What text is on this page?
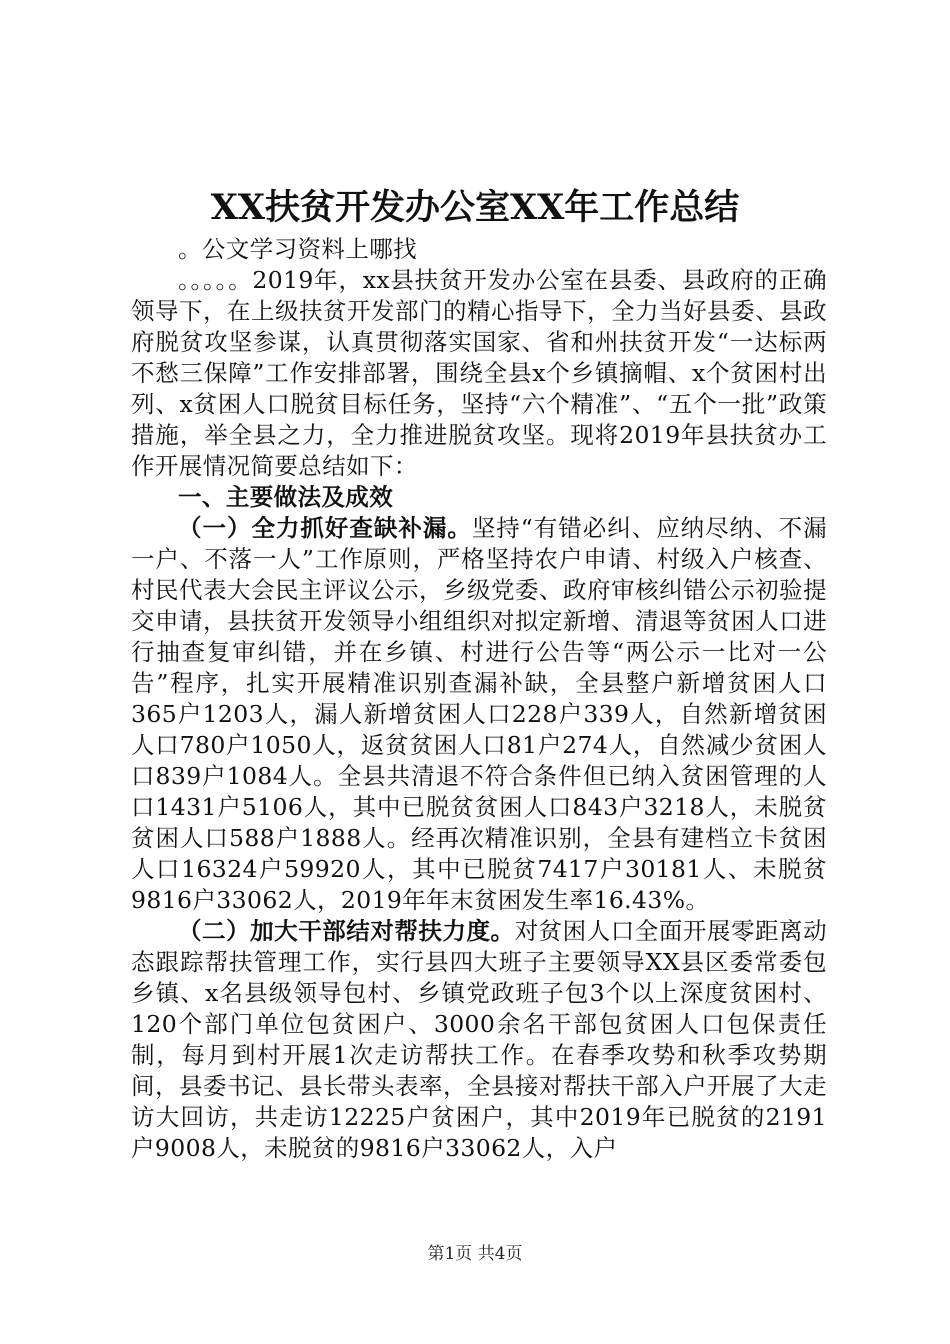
XX扶贫开发办公室XX年工作总结

。公文学习资料上哪找

。。。。。2019年，xx县扶贫开发办公室在县委、县政府的正确领导下，在上级扶贫开发部门的精心指导下，全力当好县委、县政府脱贫攻坚参谋，认真贯彻落实国家、省和州扶贫开发“一达标两不愁三保障”工作安排部署，围绕全县x个乡镇摘帽、x个贫困村出列、x贫困人口脱贫目标任务，坚持“六个精准”、“五个一批”政策措施，举全县之力，全力推进脱贫攻坚。现将2019年县扶贫办工作开展情况简要总结如下：

一、主要做法及成效

（一）全力抓好查缺补漏。坚持“有错必纠、应纳尽纳、不漏一户、不落一人”工作原则，严格坚持农户申请、村级入户核查、村民代表大会民主评议公示，乡级党委、政府审核纠错公示初验提交申请，县扶贫开发领导小组组织对拟定新增、清退等贫困人口进行抽查复审纠错，并在乡镇、村进行公告等“两公示一比对一公告”程序，扎实开展精准识别查漏补缺，全县整户新增贫困人口365户1203人，漏人新增贫困人口228户339人，自然新增贫困人口780户1050人，返贫贫困人口81户274人，自然减少贫困人口839户1084人。全县共清退不符合条件但已纳入贫困管理的人口1431户5106人，其中已脱贫贫困人口843户3218人，未脱贫贫困人口588户1888人。经再次精准识别，全县有建档立卡贫困人口16324户59920人，其中已脱贫7417户30181人、未脱贫9816户33062人，2019年年末贫困发生率16.43%。

（二）加大干部结对帮扶力度。对贫困人口全面开展零距离动态跟踪帮扶管理工作，实行县四大班子主要领导XX县区委常委包乡镇、x名县级领导包村、乡镇党政班子包3个以上深度贫困村、120个部门单位包贫困户、3000余名干部包贫困人口包保责任制，每月到村开展1次走访帮扶工作。在春季攻势和秋季攻势期间，县委书记、县长带头表率，全县接对帮扶干部入户开展了大走访大回访，共走访12225户贫困户，其中2019年已脱贫的2191户9008人，未脱贫的9816户33062人，入户

第1页 共4页
